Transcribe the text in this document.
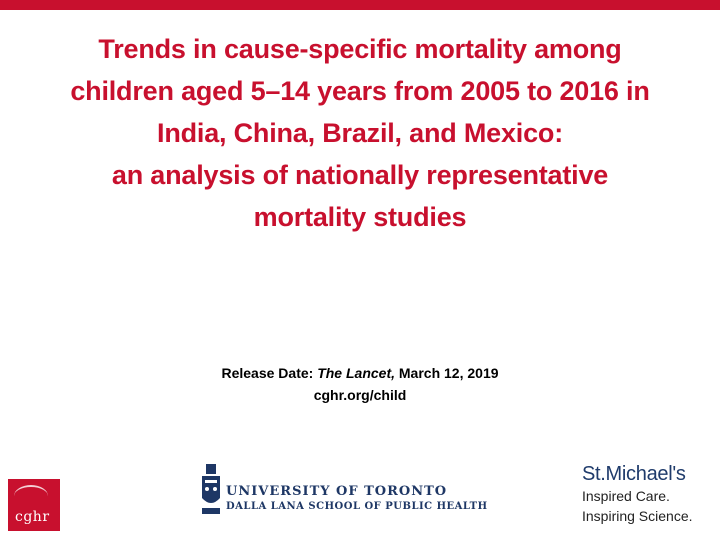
Trends in cause-specific mortality among
children aged 5–14 years from 2005 to 2016 in
India, China, Brazil, and Mexico:
an analysis of nationally representative
mortality studies
Release Date: The Lancet, March 12, 2019
cghr.org/child
cghr
UNIVERSITY OF TORONTO
DALLA LANA SCHOOL OF PUBLIC HEALTH
St.Michael's
Inspired Care.
Inspiring Science.
